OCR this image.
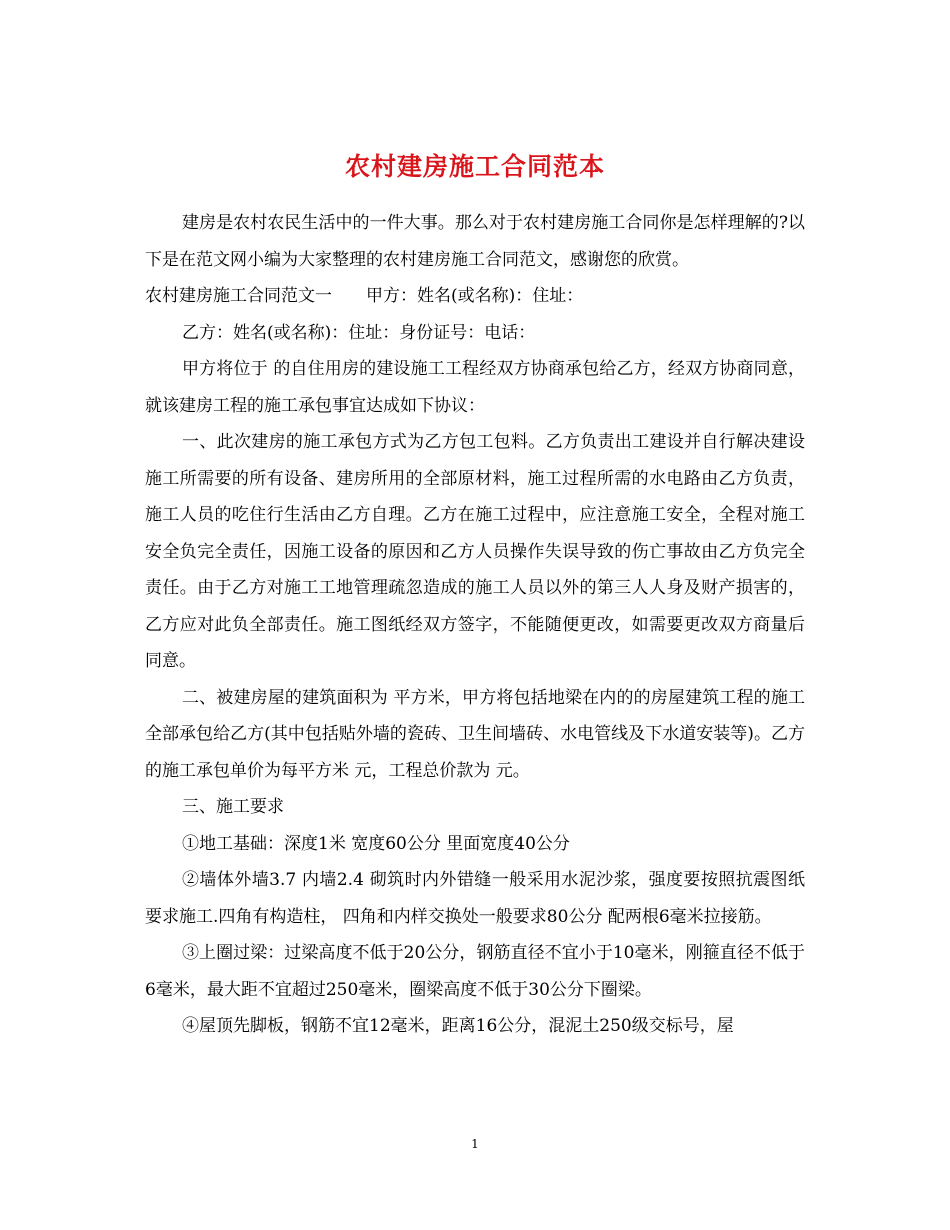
农村建房施工合同范本

建房是农村农民生活中的一件大事。那么对于农村建房施工合同你是怎样理解的?以下是在范文网小编为大家整理的农村建房施工合同范文，感谢您的欣赏。

农村建房施工合同范文一　　甲方：姓名(或名称)：住址：

乙方：姓名(或名称)：住址：身份证号：电话：

甲方将位于 的自住用房的建设施工工程经双方协商承包给乙方，经双方协商同意，就该建房工程的施工承包事宜达成如下协议：

一、此次建房的施工承包方式为乙方包工包料。乙方负责出工建设并自行解决建设施工所需要的所有设备、建房所用的全部原材料，施工过程所需的水电路由乙方负责，施工人员的吃住行生活由乙方自理。乙方在施工过程中，应注意施工安全，全程对施工安全负完全责任，因施工设备的原因和乙方人员操作失误导致的伤亡事故由乙方负完全责任。由于乙方对施工工地管理疏忽造成的施工人员以外的第三人人身及财产损害的，乙方应对此负全部责任。施工图纸经双方签字，不能随便更改，如需要更改双方商量后同意。

二、被建房屋的建筑面积为 平方米，甲方将包括地梁在内的的房屋建筑工程的施工全部承包给乙方(其中包括贴外墙的瓷砖、卫生间墙砖、水电管线及下水道安装等)。乙方的施工承包单价为每平方米 元，工程总价款为 元。

三、施工要求

①地工基础：深度1米 宽度60公分 里面宽度40公分

②墙体外墙3.7 内墙2.4 砌筑时内外错缝一般采用水泥沙浆，强度要按照抗震图纸要求施工.四角有构造柱， 四角和内样交换处一般要求80公分 配两根6毫米拉接筋。

③上圈过梁：过梁高度不低于20公分，钢筋直径不宜小于10毫米，刚箍直径不低于6毫米，最大距不宜超过250毫米，圈梁高度不低于30公分下圈梁。

④屋顶先脚板，钢筋不宜12毫米，距离16公分，混泥土250级交标号，屋

1
